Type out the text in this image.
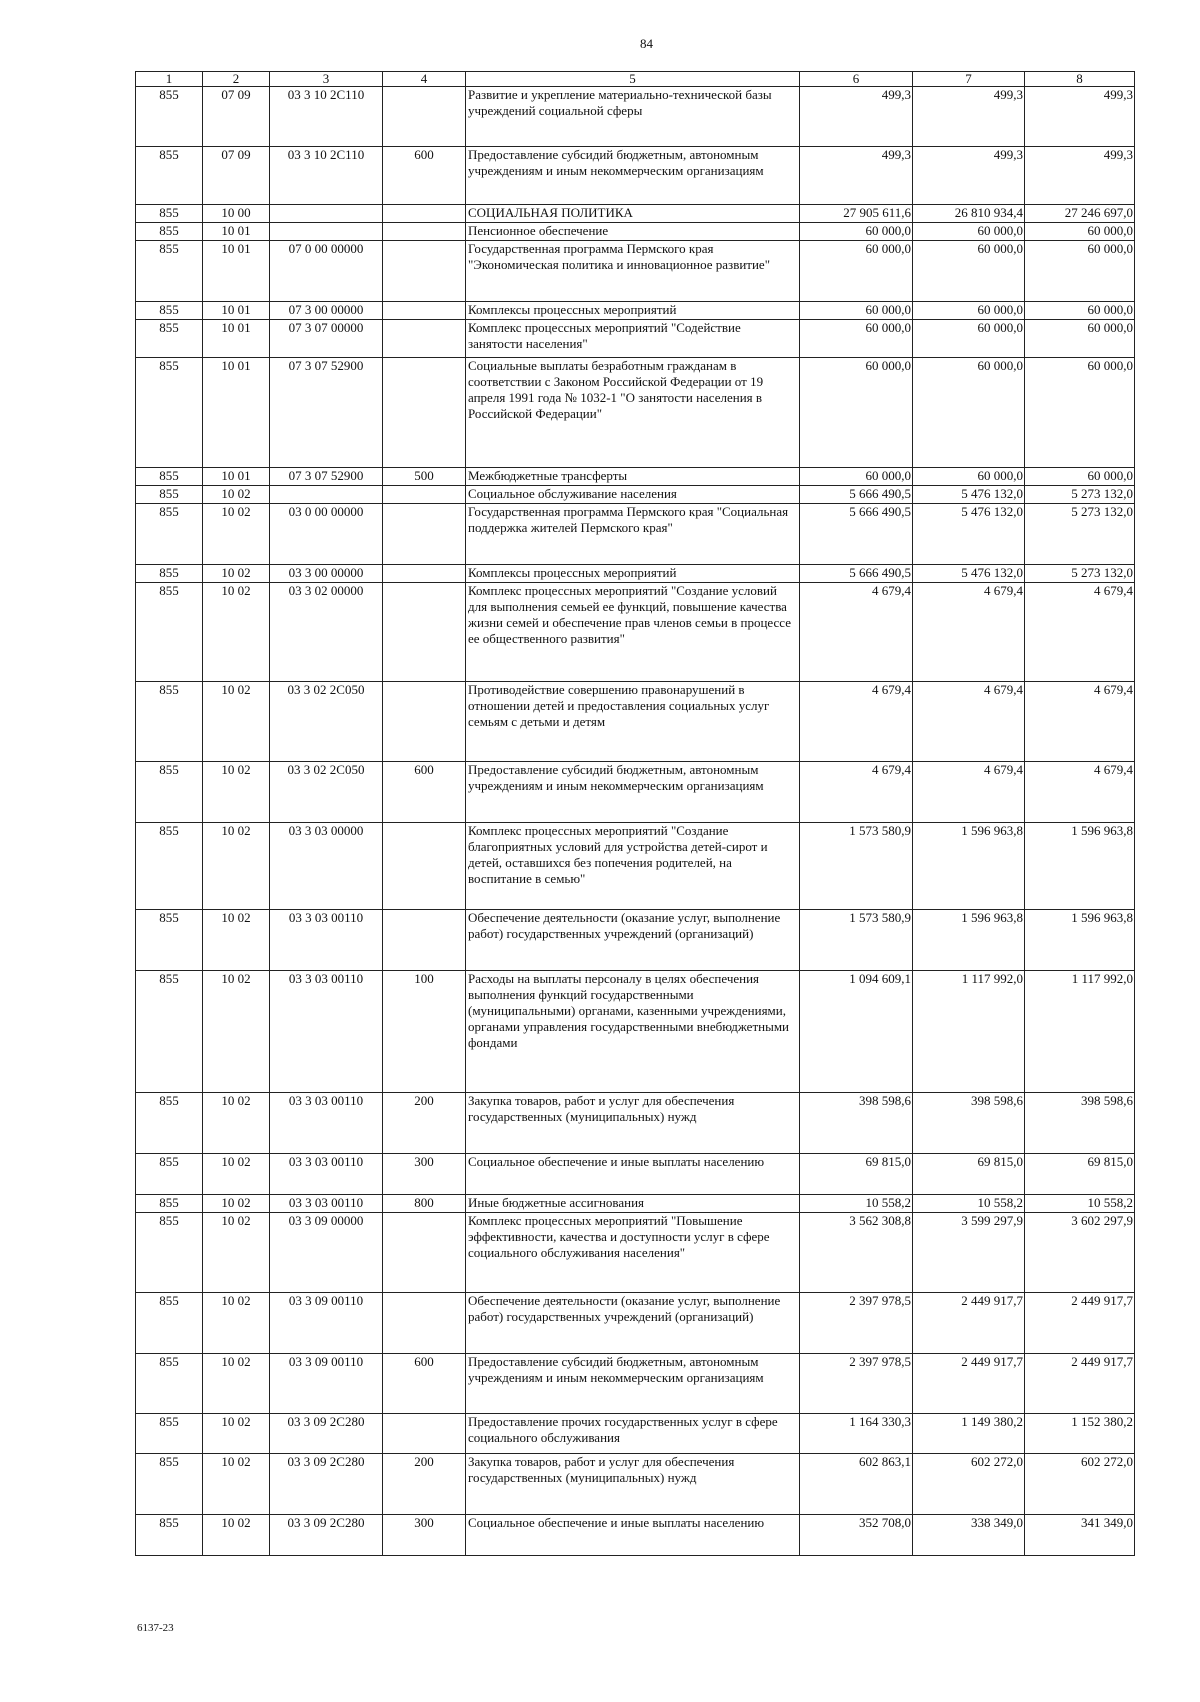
84
1	2	3	4	5	6	7	8
855	07 09	03 3 10 2С110		Развитие и укрепление материально-технической базы учреждений социальной сферы	499,3	499,3	499,3
855	07 09	03 3 10 2С110	600	Предоставление субсидий бюджетным, автономным учреждениям и иным некоммерческим организациям	499,3	499,3	499,3
855	10 00			СОЦИАЛЬНАЯ ПОЛИТИКА	27 905 611,6	26 810 934,4	27 246 697,0
855	10 01			Пенсионное обеспечение	60 000,0	60 000,0	60 000,0
855	10 01	07 0 00 00000		Государственная программа Пермского края "Экономическая политика и инновационное развитие"	60 000,0	60 000,0	60 000,0
855	10 01	07 3 00 00000		Комплексы процессных мероприятий	60 000,0	60 000,0	60 000,0
855	10 01	07 3 07 00000		Комплекс процессных мероприятий "Содействие занятости населения"	60 000,0	60 000,0	60 000,0
855	10 01	07 3 07 52900		Социальные выплаты безработным гражданам в соответствии с Законом Российской Федерации от 19 апреля 1991 года № 1032-1 "О занятости населения в Российской Федерации"	60 000,0	60 000,0	60 000,0
855	10 01	07 3 07 52900	500	Межбюджетные трансферты	60 000,0	60 000,0	60 000,0
855	10 02			Социальное обслуживание населения	5 666 490,5	5 476 132,0	5 273 132,0
855	10 02	03 0 00 00000		Государственная программа Пермского края "Социальная поддержка жителей Пермского края"	5 666 490,5	5 476 132,0	5 273 132,0
855	10 02	03 3 00 00000		Комплексы процессных мероприятий	5 666 490,5	5 476 132,0	5 273 132,0
855	10 02	03 3 02 00000		Комплекс процессных мероприятий "Создание условий для выполнения семьей ее функций, повышение качества жизни семей и обеспечение прав членов семьи в процессе ее общественного развития"	4 679,4	4 679,4	4 679,4
855	10 02	03 3 02 2С050		Противодействие совершению правонарушений в отношении детей и предоставления социальных услуг семьям с детьми и детям	4 679,4	4 679,4	4 679,4
855	10 02	03 3 02 2С050	600	Предоставление субсидий бюджетным, автономным учреждениям и иным некоммерческим организациям	4 679,4	4 679,4	4 679,4
855	10 02	03 3 03 00000		Комплекс процессных мероприятий "Создание благоприятных условий для устройства детей-сирот и детей, оставшихся без попечения родителей, на воспитание в семью"	1 573 580,9	1 596 963,8	1 596 963,8
855	10 02	03 3 03 00110		Обеспечение деятельности (оказание услуг, выполнение работ) государственных учреждений (организаций)	1 573 580,9	1 596 963,8	1 596 963,8
855	10 02	03 3 03 00110	100	Расходы на выплаты персоналу в целях обеспечения выполнения функций государственными (муниципальными) органами, казенными учреждениями, органами управления государственными внебюджетными фондами	1 094 609,1	1 117 992,0	1 117 992,0
855	10 02	03 3 03 00110	200	Закупка товаров, работ и услуг для обеспечения государственных (муниципальных) нужд	398 598,6	398 598,6	398 598,6
855	10 02	03 3 03 00110	300	Социальное обеспечение и иные выплаты населению	69 815,0	69 815,0	69 815,0
855	10 02	03 3 03 00110	800	Иные бюджетные ассигнования	10 558,2	10 558,2	10 558,2
855	10 02	03 3 09 00000		Комплекс процессных мероприятий "Повышение эффективности, качества и доступности услуг в сфере социального обслуживания населения"	3 562 308,8	3 599 297,9	3 602 297,9
855	10 02	03 3 09 00110		Обеспечение деятельности (оказание услуг, выполнение работ) государственных учреждений (организаций)	2 397 978,5	2 449 917,7	2 449 917,7
855	10 02	03 3 09 00110	600	Предоставление субсидий бюджетным, автономным учреждениям и иным некоммерческим организациям	2 397 978,5	2 449 917,7	2 449 917,7
855	10 02	03 3 09 2С280		Предоставление прочих государственных услуг в сфере социального обслуживания	1 164 330,3	1 149 380,2	1 152 380,2
855	10 02	03 3 09 2С280	200	Закупка товаров, работ и услуг для обеспечения государственных (муниципальных) нужд	602 863,1	602 272,0	602 272,0
855	10 02	03 3 09 2С280	300	Социальное обеспечение и иные выплаты населению	352 708,0	338 349,0	341 349,0
6137-23
